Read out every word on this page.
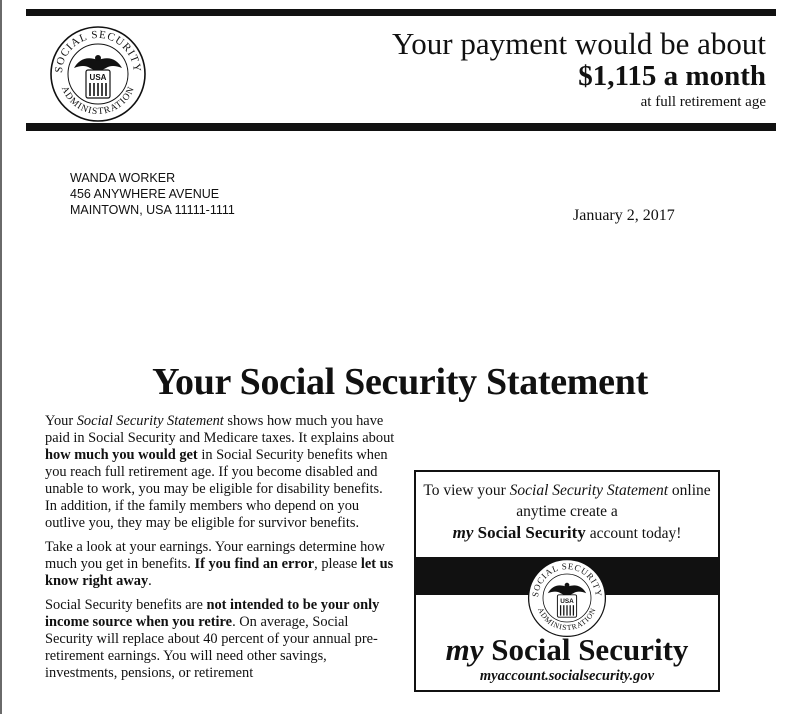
SOCIAL SECURITY
ADMINISTRATION
USA
Your payment would be about
$1,115 a month
at full retirement age
WANDA WORKER
456 ANYWHERE AVENUE
MAINTOWN, USA 11111-1111	January 2, 2017
Your Social Security Statement

Your Social Security Statement shows how much you have paid in Social Security and Medicare taxes. It explains about how much you would get in Social Security benefits when you reach full retirement age. If you become disabled and unable to work, you may be eligible for disability benefits. In addition, if the family members who depend on you outlive you, they may be eligible for survivor benefits.

Take a look at your earnings. Your earnings determine how much you get in benefits. If you find an error, please let us know right away.

Social Security benefits are not intended to be your only income source when you retire. On average, Social Security will replace about 40 percent of your annual pre-retirement earnings. You will need other savings, investments, pensions, or retirement

To view your Social Security Statement online anytime create a
my Social Security account today!
SOCIAL SECURITY
ADMINISTRATION
USA
my Social Security
myaccount.socialsecurity.gov
